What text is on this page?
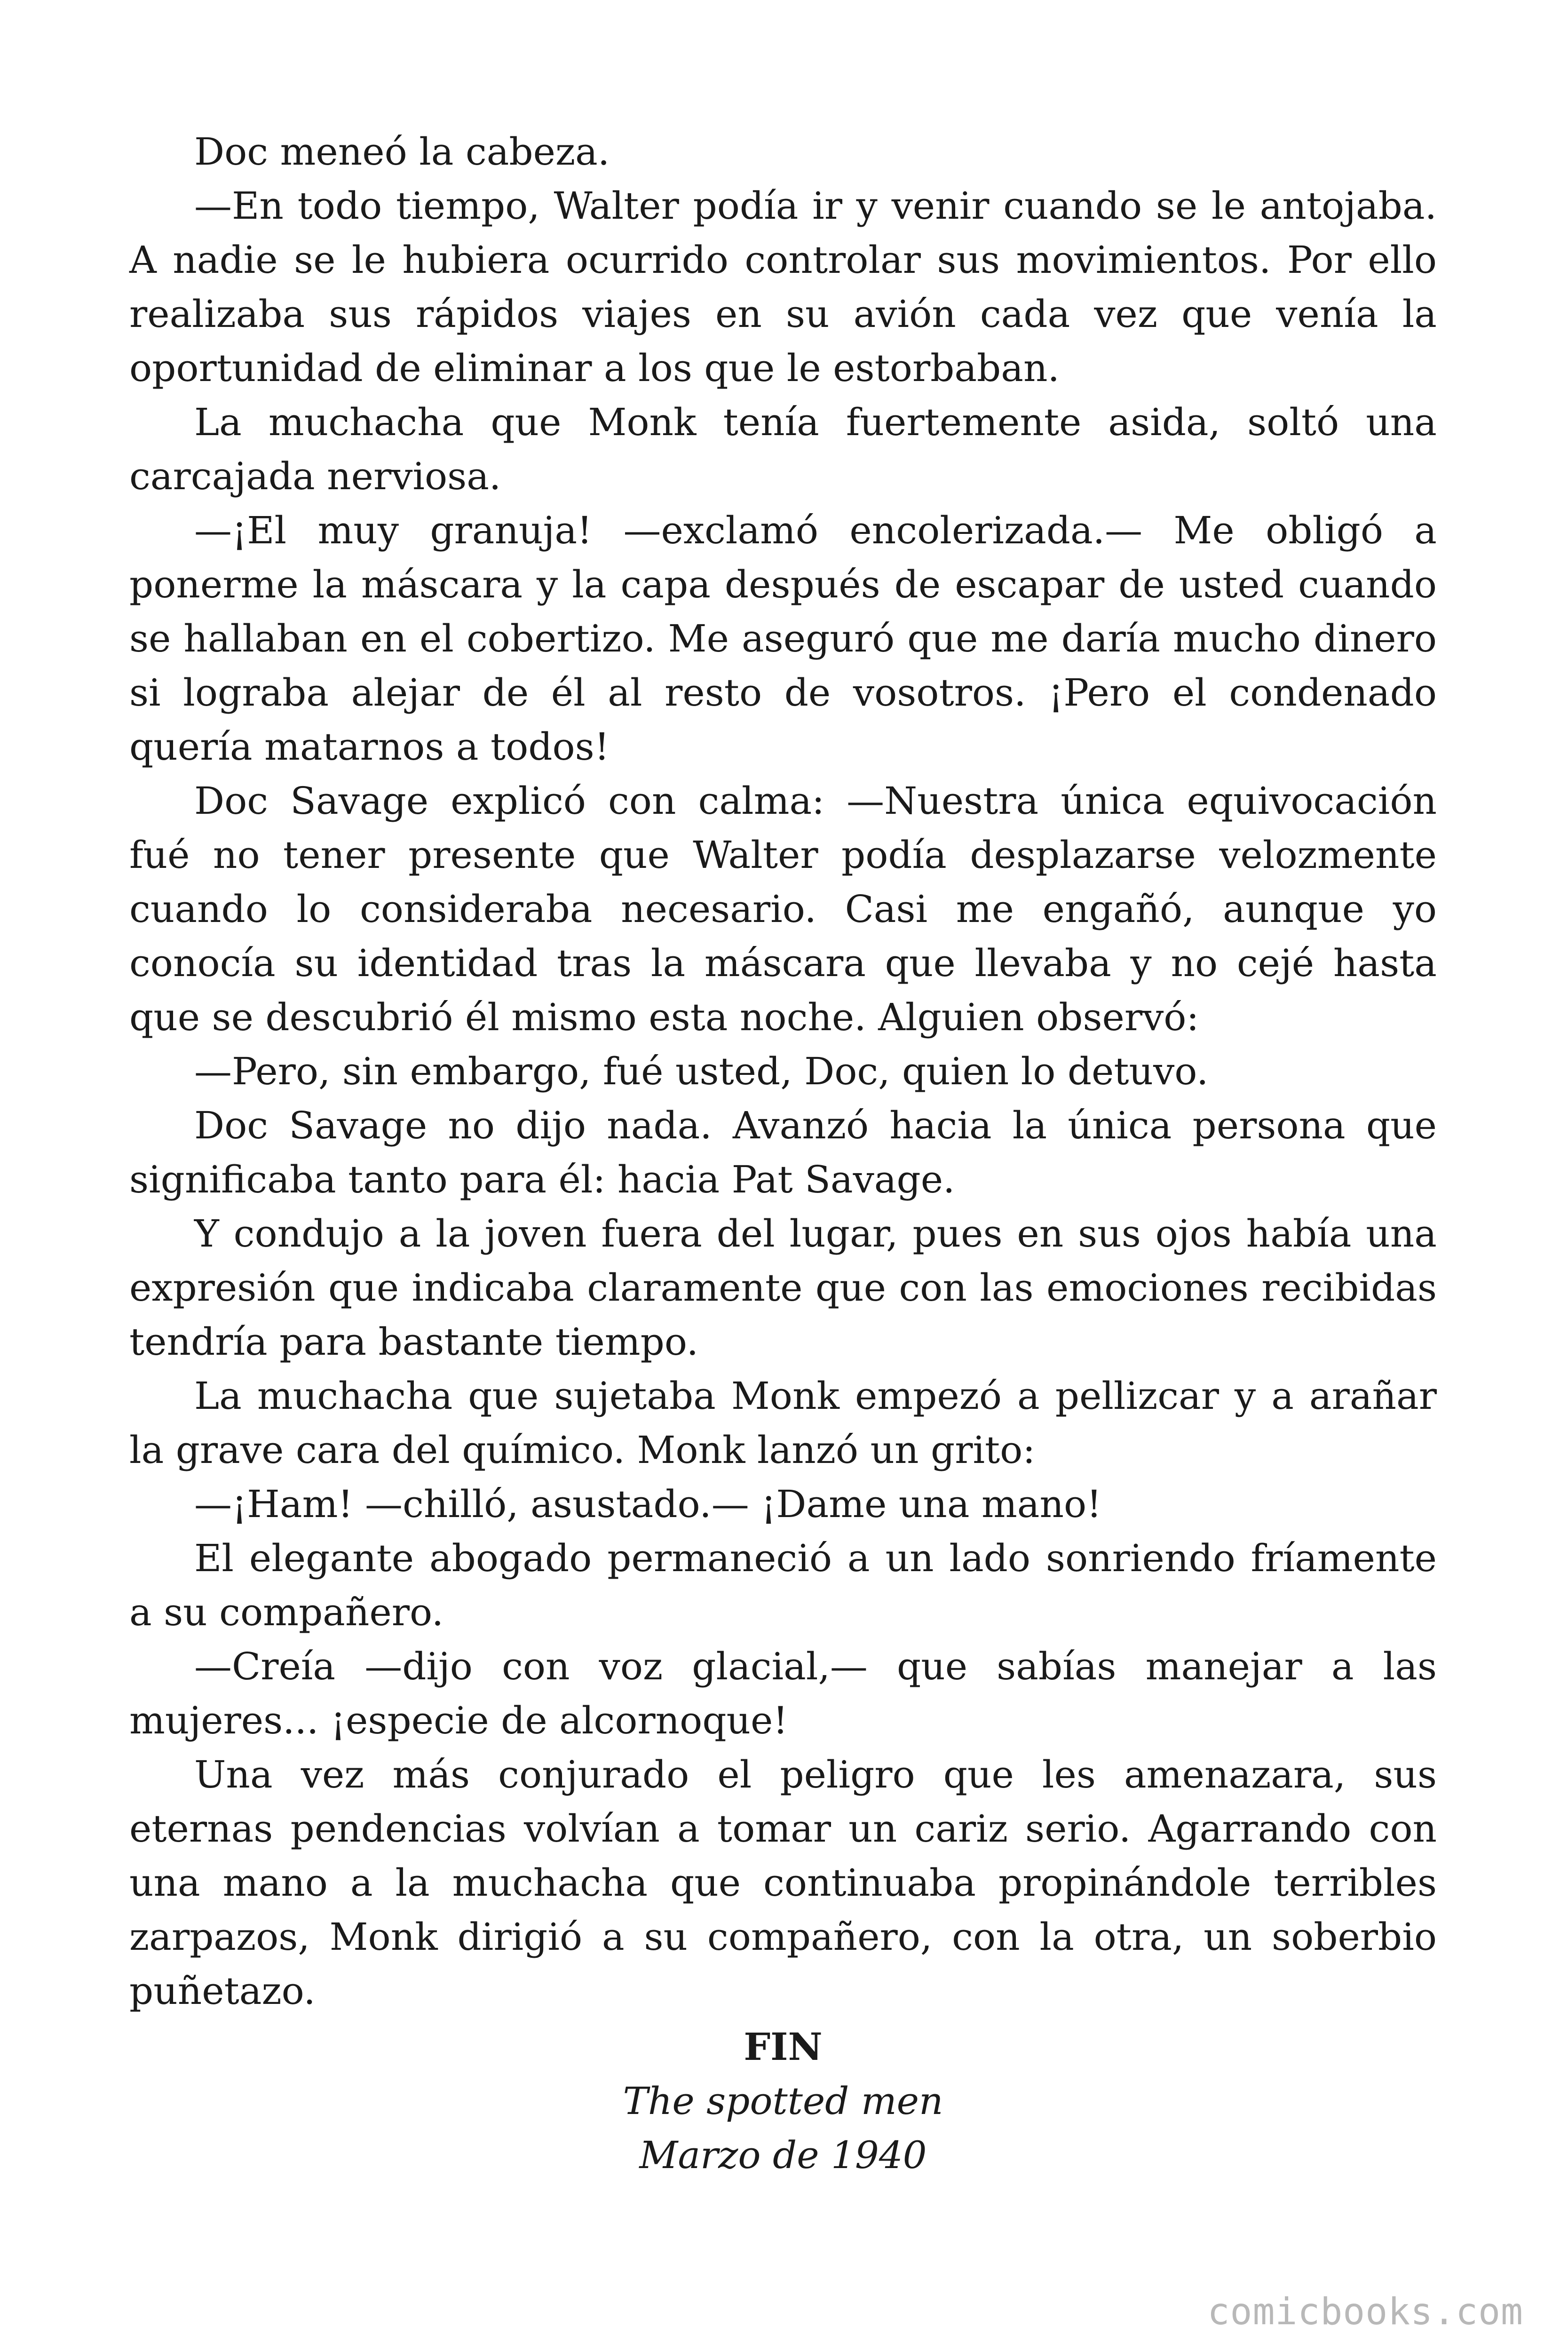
Doc meneó la cabeza.

—En todo tiempo, Walter podía ir y venir cuando se le antojaba. A nadie se le hubiera ocurrido controlar sus movimientos. Por ello realizaba sus rápidos viajes en su avión cada vez que venía la oportunidad de eliminar a los que le estorbaban.

La muchacha que Monk tenía fuertemente asida, soltó una carcajada nerviosa.

—¡El muy granuja! —exclamó encolerizada.— Me obligó a ponerme la máscara y la capa después de escapar de usted cuando se hallaban en el cobertizo. Me aseguró que me daría mucho dinero si lograba alejar de él al resto de vosotros. ¡Pero el condenado quería matarnos a todos!

Doc Savage explicó con calma: —Nuestra única equivocación fué no tener presente que Walter podía desplazarse velozmente cuando lo consideraba necesario. Casi me engañó, aunque yo conocía su identidad tras la máscara que llevaba y no cejé hasta que se descubrió él mismo esta noche. Alguien observó:

—Pero, sin embargo, fué usted, Doc, quien lo detuvo.

Doc Savage no dijo nada. Avanzó hacia la única persona que significaba tanto para él: hacia Pat Savage.

Y condujo a la joven fuera del lugar, pues en sus ojos había una expresión que indicaba claramente que con las emociones recibidas tendría para bastante tiempo.

La muchacha que sujetaba Monk empezó a pellizcar y a arañar la grave cara del químico. Monk lanzó un grito:

—¡Ham! —chilló, asustado.— ¡Dame una mano!

El elegante abogado permaneció a un lado sonriendo fríamente a su compañero.

—Creía —dijo con voz glacial,— que sabías manejar a las mujeres... ¡especie de alcornoque!

Una vez más conjurado el peligro que les amenazara, sus eternas pendencias volvían a tomar un cariz serio. Agarrando con una mano a la muchacha que continuaba propinándole terribles zarpazos, Monk dirigió a su compañero, con la otra, un soberbio puñetazo.

FIN
The spotted men
Marzo de 1940
comicbooks.com
